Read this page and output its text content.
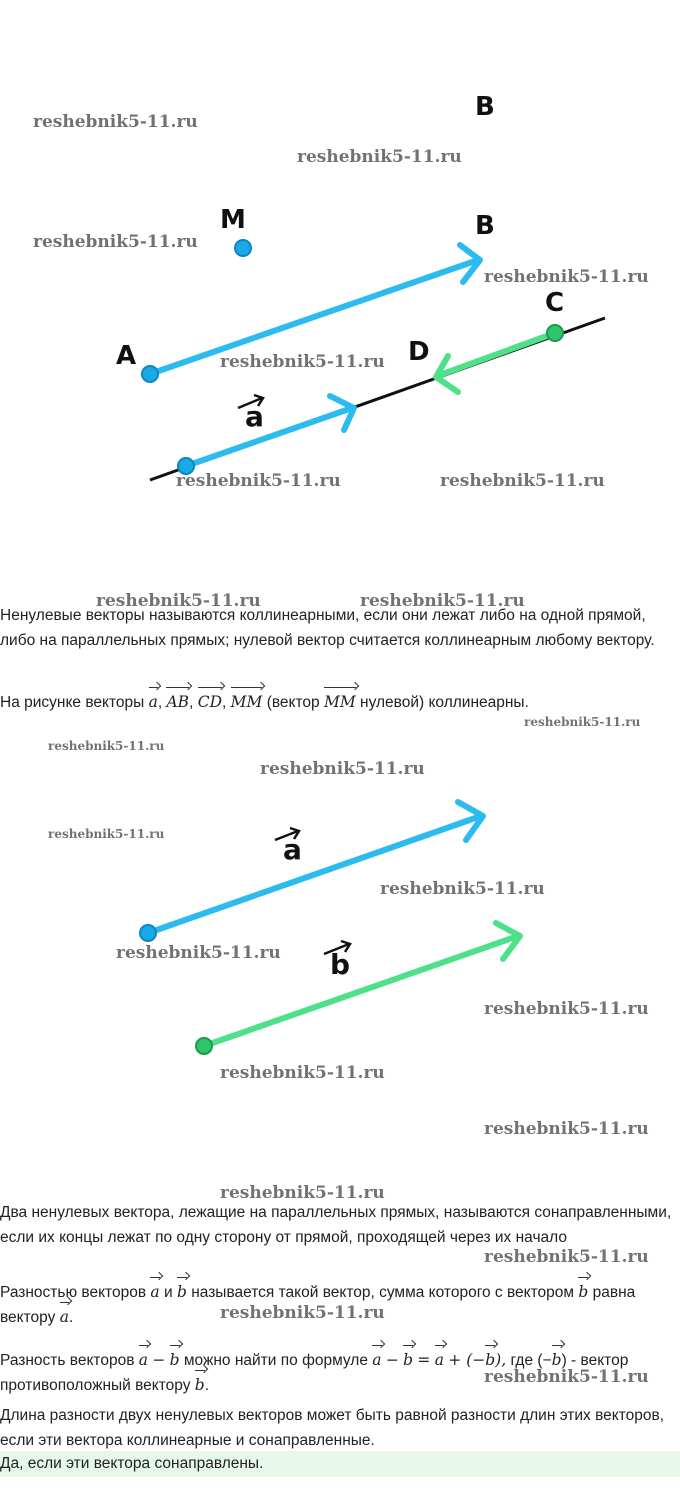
B
M	B
A
C
D
a
Ненулевые векторы называются коллинеарными, если они лежат либо на одной прямой, либо на параллельных прямых; нулевой вектор считается коллинеарным любому вектору.
На рисунке векторы a, AB, CD, MM (вектор MM нулевой) коллинеарны.
a
b
Два ненулевых вектора, лежащие на параллельных прямых, называются сонаправленными, если их концы лежат по одну сторону от прямой, проходящей через их начало
Разностью векторов a и b называется такой вектор, сумма которого с вектором b равна вектору a.
Разность векторов a − b можно найти по формуле a − b = a + (−b), где (−b) - вектор противоположный вектору b.
Длина разности двух ненулевых векторов может быть равной разности длин этих векторов, если эти вектора коллинеарные и сонаправленные.
Да, если эти вектора сонаправлены.
reshebnik5-11.ru
reshebnik5-11.ru
reshebnik5-11.ru
reshebnik5-11.ru
reshebnik5-11.ru
reshebnik5-11.ru	reshebnik5-11.ru
reshebnik5-11.ru	reshebnik5-11.ru
reshebnik5-11.ru
reshebnik5-11.ru
reshebnik5-11.ru
reshebnik5-11.ru
reshebnik5-11.ru
reshebnik5-11.ru
reshebnik5-11.ru
reshebnik5-11.ru
reshebnik5-11.ru
reshebnik5-11.ru
reshebnik5-11.ru
reshebnik5-11.ru
reshebnik5-11.ru
